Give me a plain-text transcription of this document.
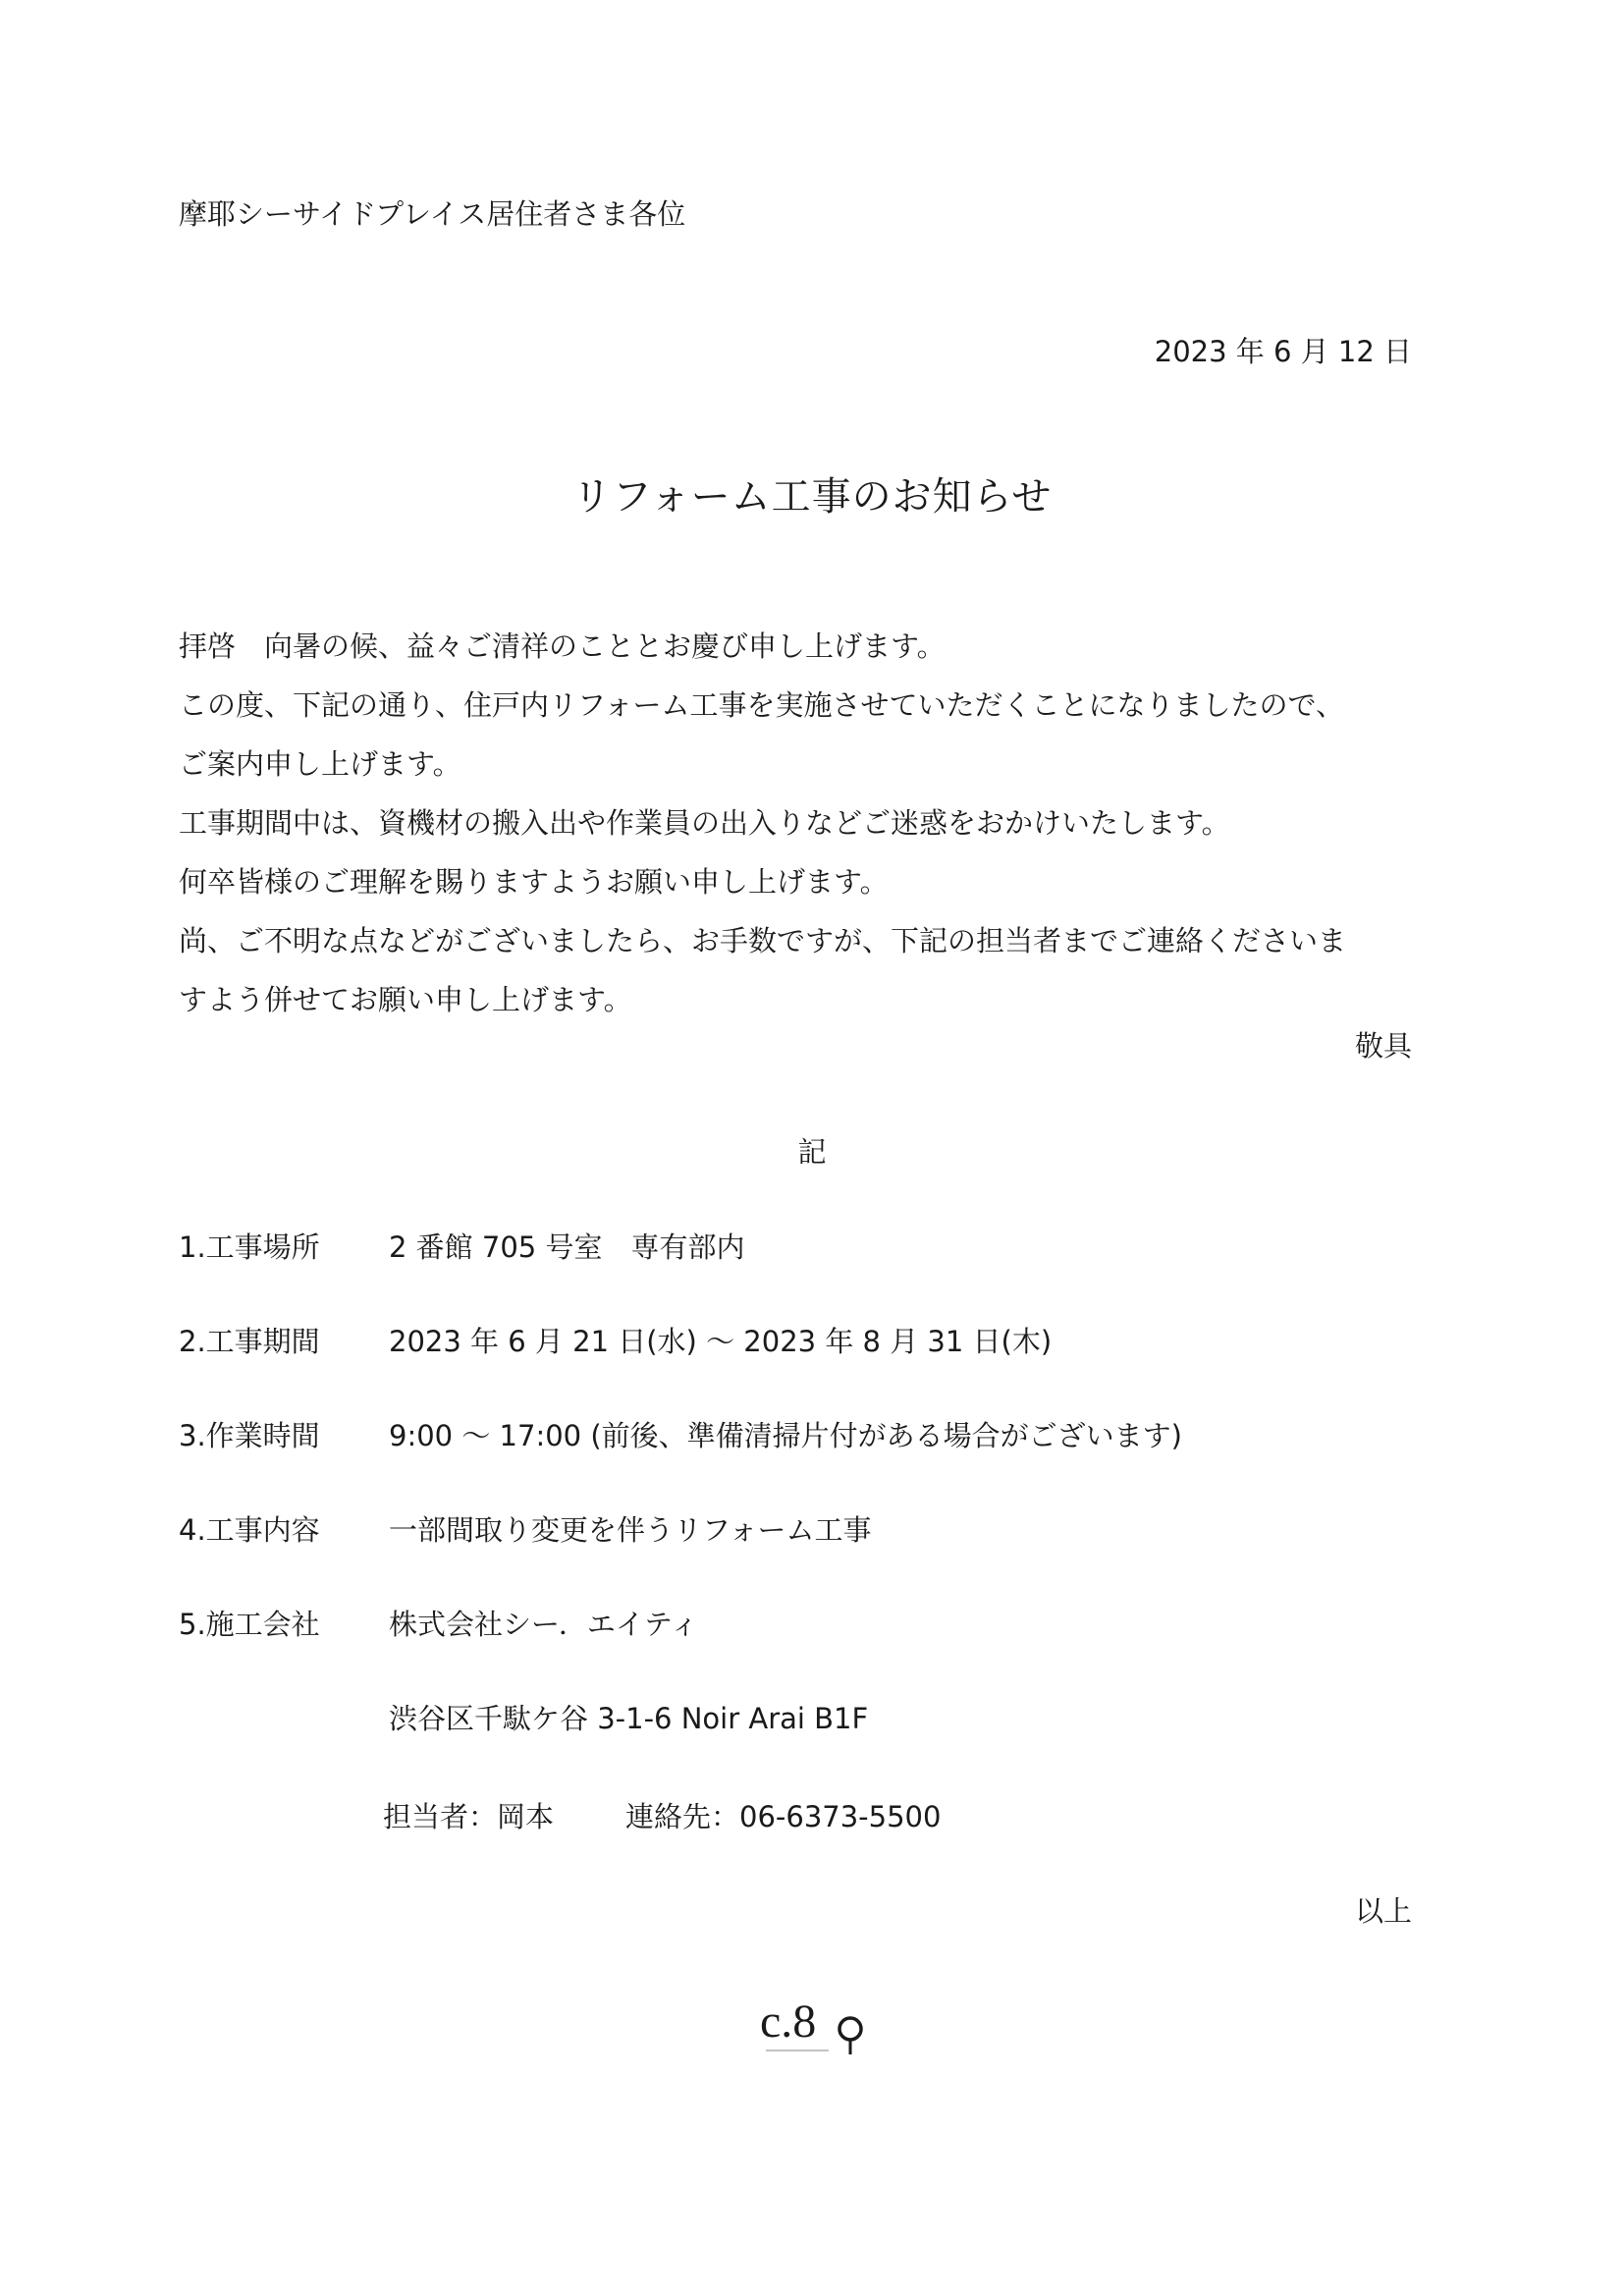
摩耶シーサイドプレイス居住者さま各位
2023 年 6 月 12 日
リフォーム工事のお知らせ
拝啓　向暑の候、益々ご清祥のこととお慶び申し上げます。
この度、下記の通り、住戸内リフォーム工事を実施させていただくことになりましたので、
ご案内申し上げます。
工事期間中は、資機材の搬入出や作業員の出入りなどご迷惑をおかけいたします。
何卒皆様のご理解を賜りますようお願い申し上げます。
尚、ご不明な点などがございましたら、お手数ですが、下記の担当者までご連絡くださいま
すよう併せてお願い申し上げます。
敬具
記
1.工事場所 2 番館 705 号室　専有部内
2.工事期間 2023 年 6 月 21 日(水) ～ 2023 年 8 月 31 日(木)
3.作業時間 9:00 ～ 17:00 (前後、準備清掃片付がある場合がございます)
4.工事内容 一部間取り変更を伴うリフォーム工事
5.施工会社 株式会社シー．エイティ
渋谷区千駄ケ谷 3-1-6 Noir Arai B1F
担当者：岡本	連絡先：06-6373-5500
以上
c.8
